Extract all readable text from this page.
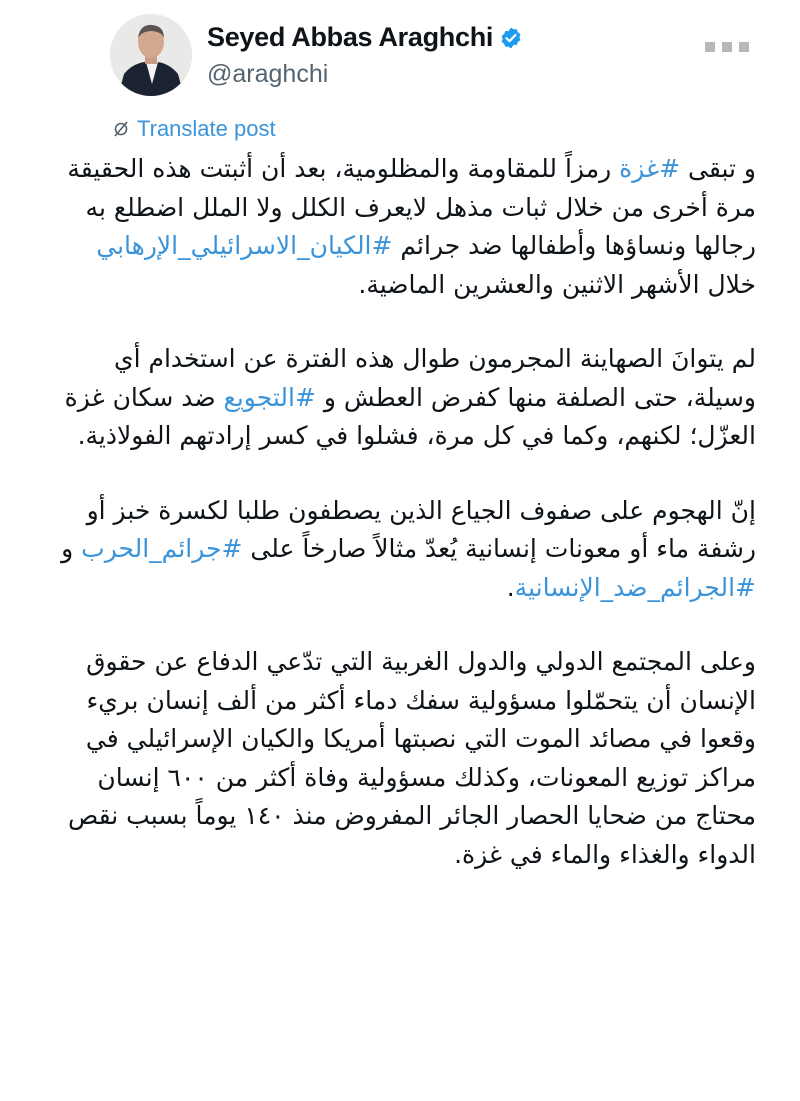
Seyed Abbas Araghchi
@araghchi
Translate post

و تبقى #غزة رمزاً للمقاومة والمظلومية، بعد أن أثبتت هذه الحقيقة مرة أخرى من خلال ثبات مذهل لايعرف الكلل ولا الملل اضطلع به رجالها ونساؤها وأطفالها ضد جرائم #الكيان_الاسرائيلي_الإرهابي خلال الأشهر الاثنين والعشرين الماضية.

لم يتوانَ الصهاينة المجرمون طوال هذه الفترة عن استخدام أي وسيلة، حتى الصلفة منها كفرض العطش و #التجويع ضد سكان غزة العزّل؛ لكنهم، وكما في كل مرة، فشلوا في كسر إرادتهم الفولاذية.

إنّ الهجوم على صفوف الجياع الذين يصطفون طلبا لكسرة خبز أو رشفة ماء أو معونات إنسانية يُعدّ مثالاً صارخاً على #جرائم_الحرب و #الجرائم_ضد_الإنسانية.

وعلى المجتمع الدولي والدول الغربية التي تدّعي الدفاع عن حقوق الإنسان أن يتحمّلوا مسؤولية سفك دماء أكثر من ألف إنسان بريء وقعوا في مصائد الموت التي نصبتها أمريكا والكيان الإسرائيلي في مراكز توزيع المعونات، وكذلك مسؤولية وفاة أكثر من ٦٠٠ إنسان محتاج من ضحايا الحصار الجائر المفروض منذ ١٤٠ يوماً بسبب نقص الدواء والغذاء والماء في غزة.
